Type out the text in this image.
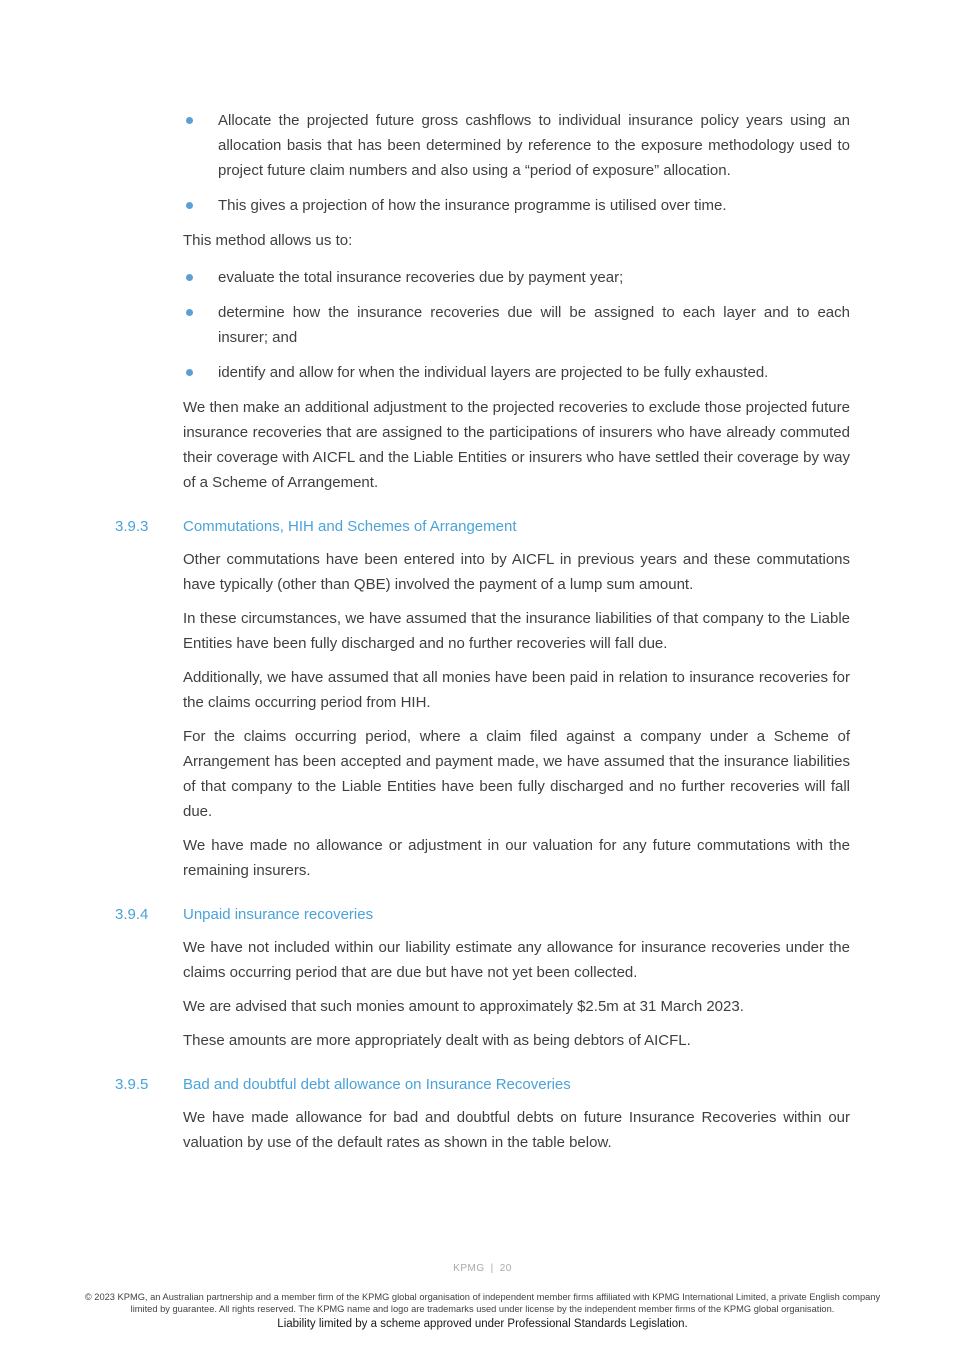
Allocate the projected future gross cashflows to individual insurance policy years using an allocation basis that has been determined by reference to the exposure methodology used to project future claim numbers and also using a “period of exposure” allocation.
This gives a projection of how the insurance programme is utilised over time.

This method allows us to:

evaluate the total insurance recoveries due by payment year;
determine how the insurance recoveries due will be assigned to each layer and to each insurer; and
identify and allow for when the individual layers are projected to be fully exhausted.

We then make an additional adjustment to the projected recoveries to exclude those projected future insurance recoveries that are assigned to the participations of insurers who have already commuted their coverage with AICFL and the Liable Entities or insurers who have settled their coverage by way of a Scheme of Arrangement.

3.9.3 Commutations, HIH and Schemes of Arrangement

Other commutations have been entered into by AICFL in previous years and these commutations have typically (other than QBE) involved the payment of a lump sum amount.

In these circumstances, we have assumed that the insurance liabilities of that company to the Liable Entities have been fully discharged and no further recoveries will fall due.

Additionally, we have assumed that all monies have been paid in relation to insurance recoveries for the claims occurring period from HIH.

For the claims occurring period, where a claim filed against a company under a Scheme of Arrangement has been accepted and payment made, we have assumed that the insurance liabilities of that company to the Liable Entities have been fully discharged and no further recoveries will fall due.

We have made no allowance or adjustment in our valuation for any future commutations with the remaining insurers.

3.9.4 Unpaid insurance recoveries

We have not included within our liability estimate any allowance for insurance recoveries under the claims occurring period that are due but have not yet been collected.

We are advised that such monies amount to approximately $2.5m at 31 March 2023.

These amounts are more appropriately dealt with as being debtors of AICFL.

3.9.5 Bad and doubtful debt allowance on Insurance Recoveries

We have made allowance for bad and doubtful debts on future Insurance Recoveries within our valuation by use of the default rates as shown in the table below.

KPMG | 20
© 2023 KPMG, an Australian partnership and a member firm of the KPMG global organisation of independent member firms affiliated with KPMG International Limited, a private English company limited by guarantee. All rights reserved. The KPMG name and logo are trademarks used under license by the independent member firms of the KPMG global organisation.
Liability limited by a scheme approved under Professional Standards Legislation.
